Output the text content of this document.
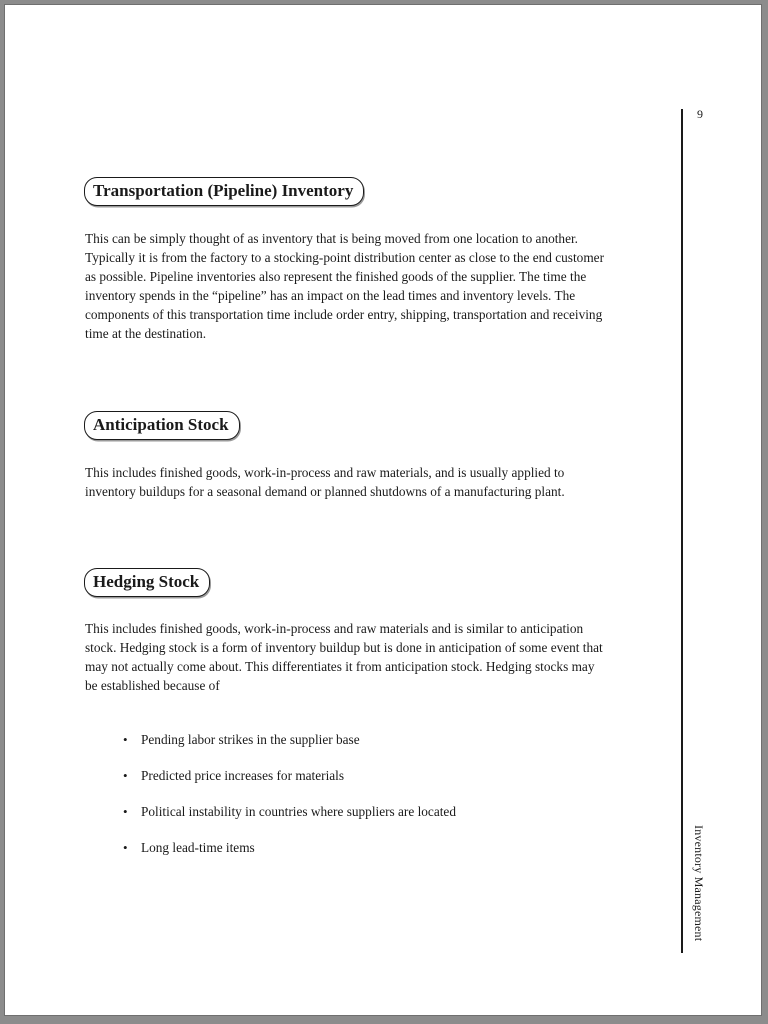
9
Inventory Management
Transportation (Pipeline) Inventory

This can be simply thought of as inventory that is being moved from one location to another. Typically it is from the factory to a stocking-point distribution center as close to the end customer as possible. Pipeline inventories also represent the finished goods of the supplier. The time the inventory spends in the “pipeline” has an impact on the lead times and inventory levels. The components of this transportation time include order entry, shipping, transportation and receiving time at the destination.

Anticipation Stock

This includes finished goods, work-in-process and raw materials, and is usually applied to inventory buildups for a seasonal demand or planned shutdowns of a manufacturing plant.

Hedging Stock

This includes finished goods, work-in-process and raw materials and is similar to anticipation stock. Hedging stock is a form of inventory buildup but is done in anticipation of some event that may not actually come about. This differentiates it from anticipation stock. Hedging stocks may be established because of

• Pending labor strikes in the supplier base
• Predicted price increases for materials
• Political instability in countries where suppliers are located
• Long lead-time items
